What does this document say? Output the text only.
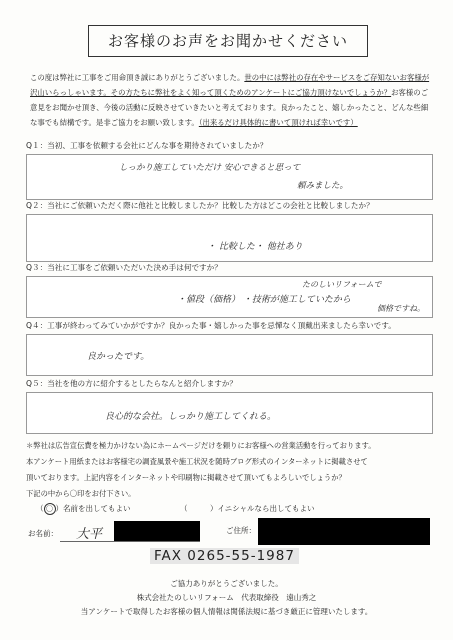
お客様のお声をお聞かせください
この度は弊社に工事をご用命頂き誠にありがとうございました。世の中には弊社の存在やサービスをご存知ないお客様が沢山いらっしゃいます。その方たちに弊社をよく知って頂くためのアンケートにご協力頂けないでしょうか？お客様のご意見をお聞かせ頂き、今後の活動に反映させていきたいと考えております。良かったこと、嬉しかったこと、どんな些細な事でも結構です。是非ご協力をお願い致します。（出来るだけ具体的に書いて頂ければ幸いです）
Q１：当初、工事を依頼する会社にどんな事を期待されていましたか？
しっかり施工していただけ 安心できると思って
頼みました。
Q２：当社にご依頼いただく際に他社と比較しましたか？比較した方はどこの会社と比較しましたか？
・ 比較した・ 他社あり
Q３：当社に工事をご依頼いただいた決め手は何ですか？
たのしいリフォームで
・値段（価格） ・技術が施工していたから
価格ですね。
Q４：工事が終わってみていかがですか？良かった事・嬉しかった事を忌憚なく頂戴出来ましたら幸いです。
良かったです。
Q５：当社を他の方に紹介するとしたらなんと紹介しますか？
良心的な会社。しっかり施工してくれる。
＊弊社は広告宣伝費を極力かけない為にホームページだけを頼りにお客様への営業活動を行っております。
本アンケート用紙またはお客様宅の調査風景や施工状況を随時ブログ形式のインターネットに掲載させて
頂いております。上記内容をインターネットや印刷物に掲載させて頂いてもよろしいでしょうか？
下記の中から〇印をお付下さい。
（ 〇 ）名前を出してもよい	（　　　）イニシャルなら出してもよい
お名前： 大平	ご住所：
FAX 0265-55-1987
ご協力ありがとうございました。
株式会社たのしいリフォーム　代表取締役　遠山秀之
当アンケートで取得したお客様の個人情報は関係法規に基づき厳正に管理いたします。
